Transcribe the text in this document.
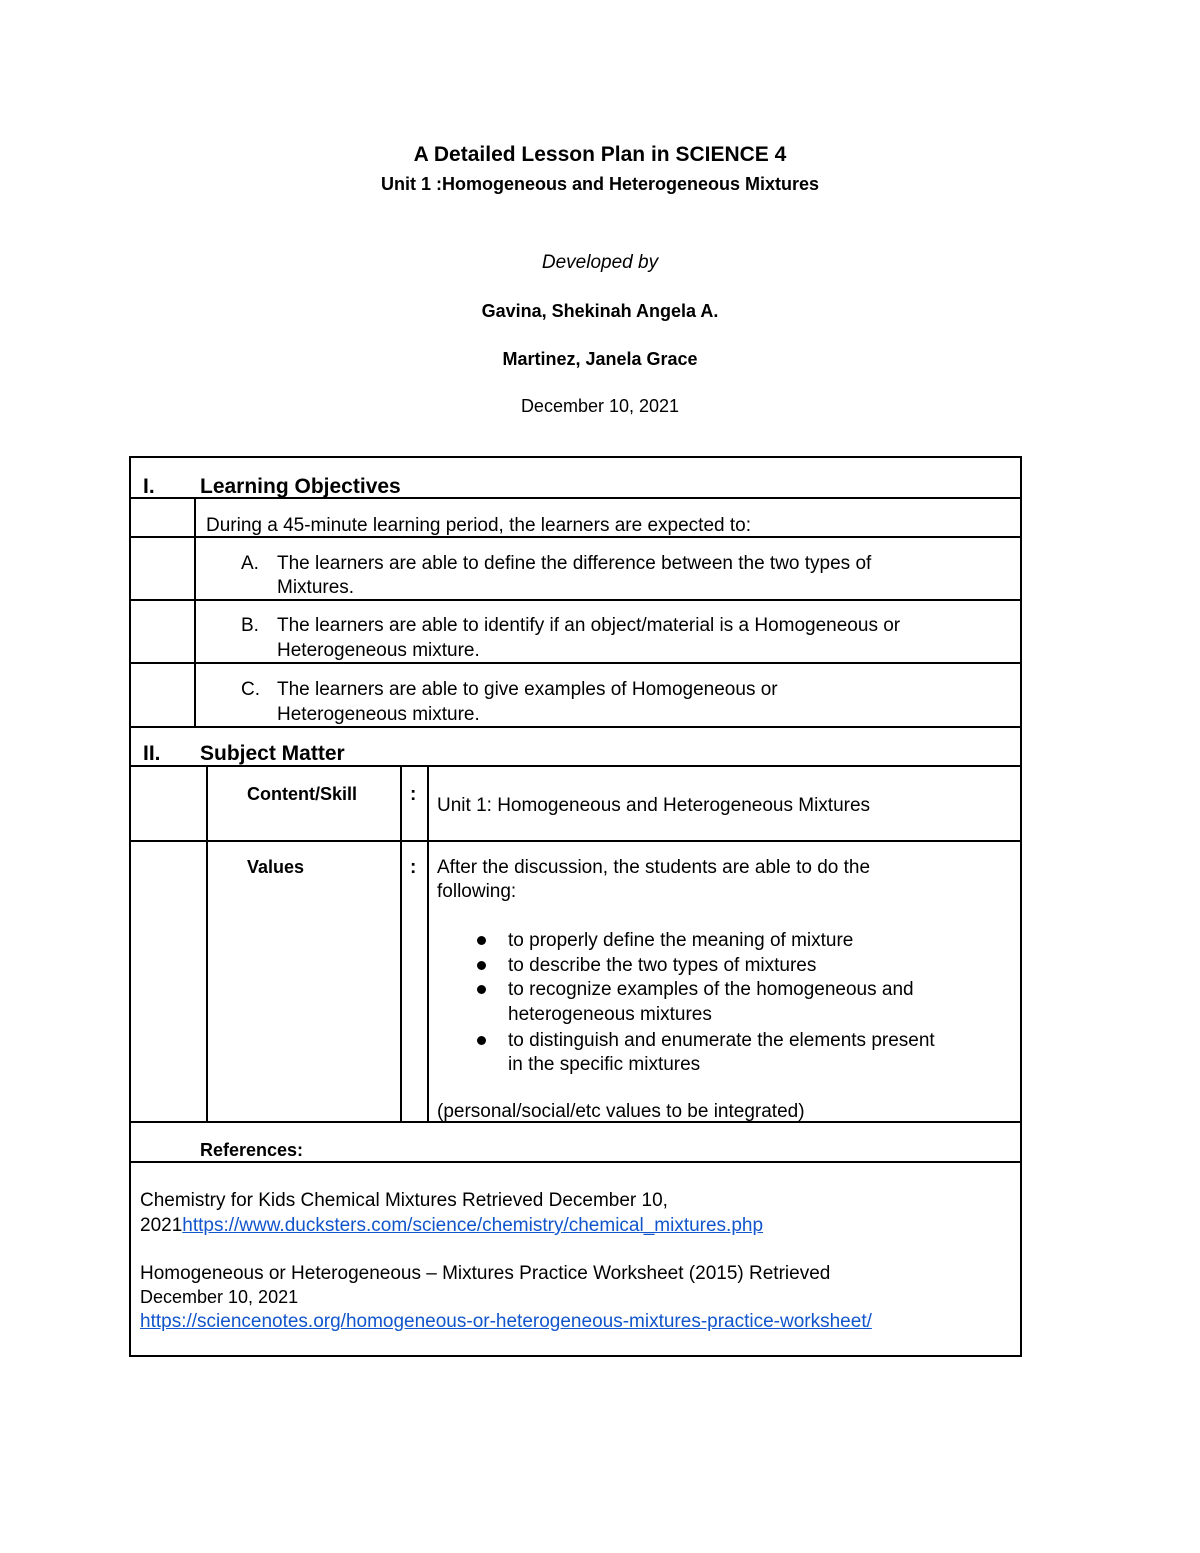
A Detailed Lesson Plan in SCIENCE 4
Unit 1 :Homogeneous and Heterogeneous Mixtures
Developed by
Gavina, Shekinah Angela A.
Martinez, Janela Grace
December 10, 2021
I. Learning Objectives
During a 45-minute learning period, the learners are expected to:
A. The learners are able to define the difference between the two types of
Mixtures.
B. The learners are able to identify if an object/material is a Homogeneous or
Heterogeneous mixture.
C. The learners are able to give examples of Homogeneous or
Heterogeneous mixture.
II. Subject Matter
Content/Skill	:
Unit 1: Homogeneous and Heterogeneous Mixtures
Values	: After the discussion, the students are able to do the
following:
to properly define the meaning of mixture
to describe the two types of mixtures
to recognize examples of the homogeneous and
heterogeneous mixtures
to distinguish and enumerate the elements present
in the specific mixtures
(personal/social/etc values to be integrated)
References:
Chemistry for Kids Chemical Mixtures Retrieved December 10,
2021https://www.ducksters.com/science/chemistry/chemical_mixtures.php
Homogeneous or Heterogeneous – Mixtures Practice Worksheet (2015) Retrieved
December 10, 2021
https://sciencenotes.org/homogeneous-or-heterogeneous-mixtures-practice-worksheet/
